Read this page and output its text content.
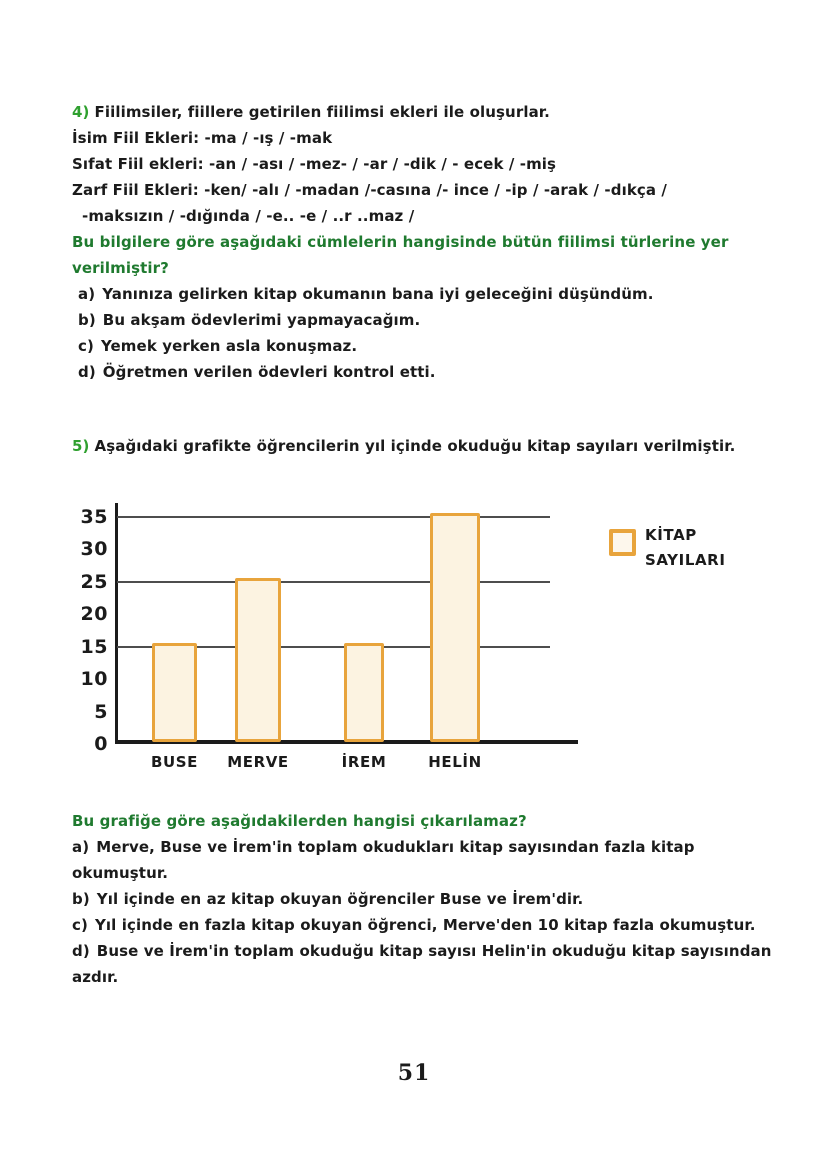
4) Fiilimsiler, fiillere getirilen fiilimsi ekleri ile oluşurlar.
İsim Fiil Ekleri: -ma / -ış / -mak
Sıfat Fiil ekleri: -an / -ası / -mez- / -ar / -dik / - ecek / -miş
Zarf Fiil Ekleri: -ken/ -alı / -madan /-casına /- ince / -ip / -arak / -dıkça /
-maksızın / -dığında / -e.. -e / ..r ..maz /
Bu bilgilere göre aşağıdaki cümlelerin hangisinde bütün fiilimsi türlerine yer verilmiştir?
a) Yanınıza gelirken kitap okumanın bana iyi geleceğini düşündüm.
b) Bu akşam ödevlerimi yapmayacağım.
c) Yemek yerken asla konuşmaz.
d) Öğretmen verilen ödevleri kontrol etti.
5) Aşağıdaki grafikte öğrencilerin yıl içinde okuduğu kitap sayıları verilmiştir.
KİTAP
SAYILARI
0
5
10
15
20
25
30
35
BUSE	MERVE	İREM	HELİN
Bu grafiğe göre aşağıdakilerden hangisi çıkarılamaz?
a) Merve, Buse ve İrem'in toplam okudukları kitap sayısından fazla kitap okumuştur.
b) Yıl içinde en az kitap okuyan öğrenciler Buse ve İrem'dir.
c) Yıl içinde en fazla kitap okuyan öğrenci, Merve'den 10 kitap fazla okumuştur.
d) Buse ve İrem'in toplam okuduğu kitap sayısı Helin'in okuduğu kitap sayısından azdır.
51
